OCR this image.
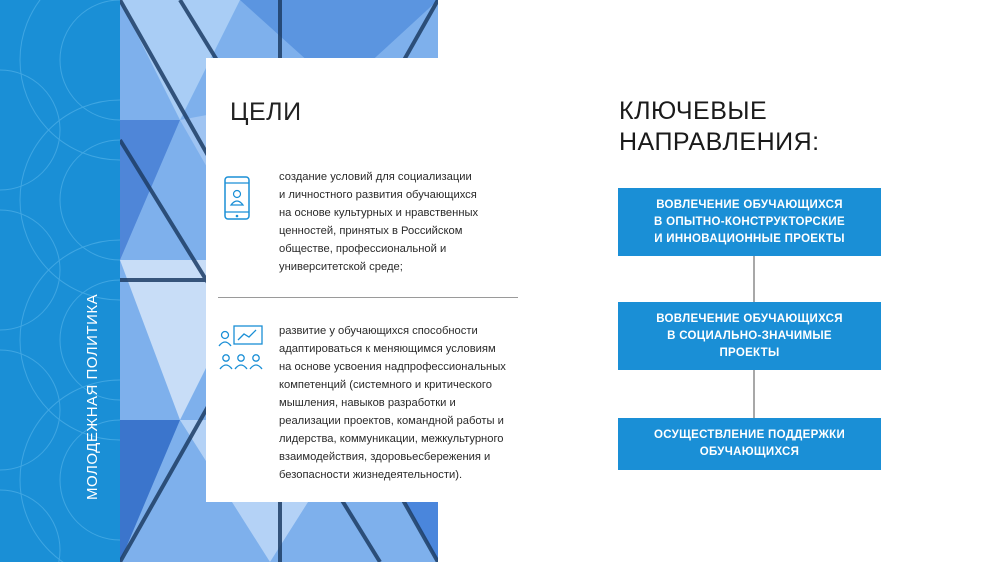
МОЛОДЕЖНАЯ ПОЛИТИКА
ЦЕЛИ
создание условий для социализации
и личностного развития обучающихся
на основе культурных и нравственных
ценностей, принятых в Российском
обществе, профессиональной и
университетской среде;
развитие у обучающихся способности
адаптироваться к меняющимся условиям
на основе усвоения надпрофессиональных
компетенций (системного и критического
мышления, навыков разработки и
реализации проектов, командной работы и
лидерства, коммуникации, межкультурного
взаимодействия, здоровьесбережения и
безопасности жизнедеятельности).
КЛЮЧЕВЫЕ
НАПРАВЛЕНИЯ:
ВОВЛЕЧЕНИЕ ОБУЧАЮЩИХСЯ
В ОПЫТНО-КОНСТРУКТОРСКИЕ
И ИННОВАЦИОННЫЕ ПРОЕКТЫ
ВОВЛЕЧЕНИЕ ОБУЧАЮЩИХСЯ
В СОЦИАЛЬНО-ЗНАЧИМЫЕ
ПРОЕКТЫ
ОСУЩЕСТВЛЕНИЕ ПОДДЕРЖКИ
ОБУЧАЮЩИХСЯ
